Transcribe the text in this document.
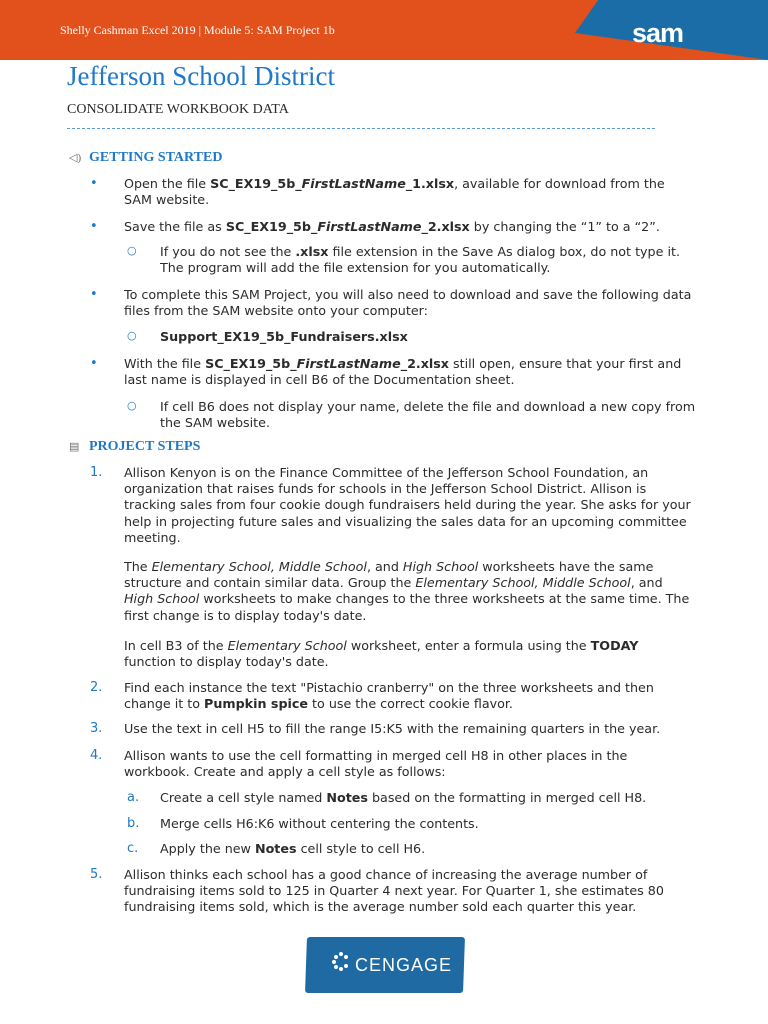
Shelly Cashman Excel 2019 | Module 5: SAM Project 1b	sam
Jefferson School District
CONSOLIDATE WORKBOOK DATA
◁) GETTING STARTED
• Open the file SC_EX19_5b_FirstLastName_1.xlsx, available for download from the SAM website.
• Save the file as SC_EX19_5b_FirstLastName_2.xlsx by changing the “1” to a “2”.
○ If you do not see the .xlsx file extension in the Save As dialog box, do not type it. The program will add the file extension for you automatically.
• To complete this SAM Project, you will also need to download and save the following data files from the SAM website onto your computer:
○ Support_EX19_5b_Fundraisers.xlsx
• With the file SC_EX19_5b_FirstLastName_2.xlsx still open, ensure that your first and last name is displayed in cell B6 of the Documentation sheet.
○ If cell B6 does not display your name, delete the file and download a new copy from the SAM website.
▤ PROJECT STEPS
1. Allison Kenyon is on the Finance Committee of the Jefferson School Foundation, an organization that raises funds for schools in the Jefferson School District. Allison is tracking sales from four cookie dough fundraisers held during the year. She asks for your help in projecting future sales and visualizing the sales data for an upcoming committee meeting.
The Elementary School, Middle School, and High School worksheets have the same structure and contain similar data. Group the Elementary School, Middle School, and High School worksheets to make changes to the three worksheets at the same time. The first change is to display today's date.
In cell B3 of the Elementary School worksheet, enter a formula using the TODAY function to display today's date.
2. Find each instance the text "Pistachio cranberry" on the three worksheets and then change it to Pumpkin spice to use the correct cookie flavor.
3. Use the text in cell H5 to fill the range I5:K5 with the remaining quarters in the year.
4. Allison wants to use the cell formatting in merged cell H8 in other places in the workbook. Create and apply a cell style as follows:
a. Create a cell style named Notes based on the formatting in merged cell H8.
b. Merge cells H6:K6 without centering the contents.
c. Apply the new Notes cell style to cell H6.
5. Allison thinks each school has a good chance of increasing the average number of fundraising items sold to 125 in Quarter 4 next year. For Quarter 1, she estimates 80 fundraising items sold, which is the average number sold each quarter this year.
CENGAGE
